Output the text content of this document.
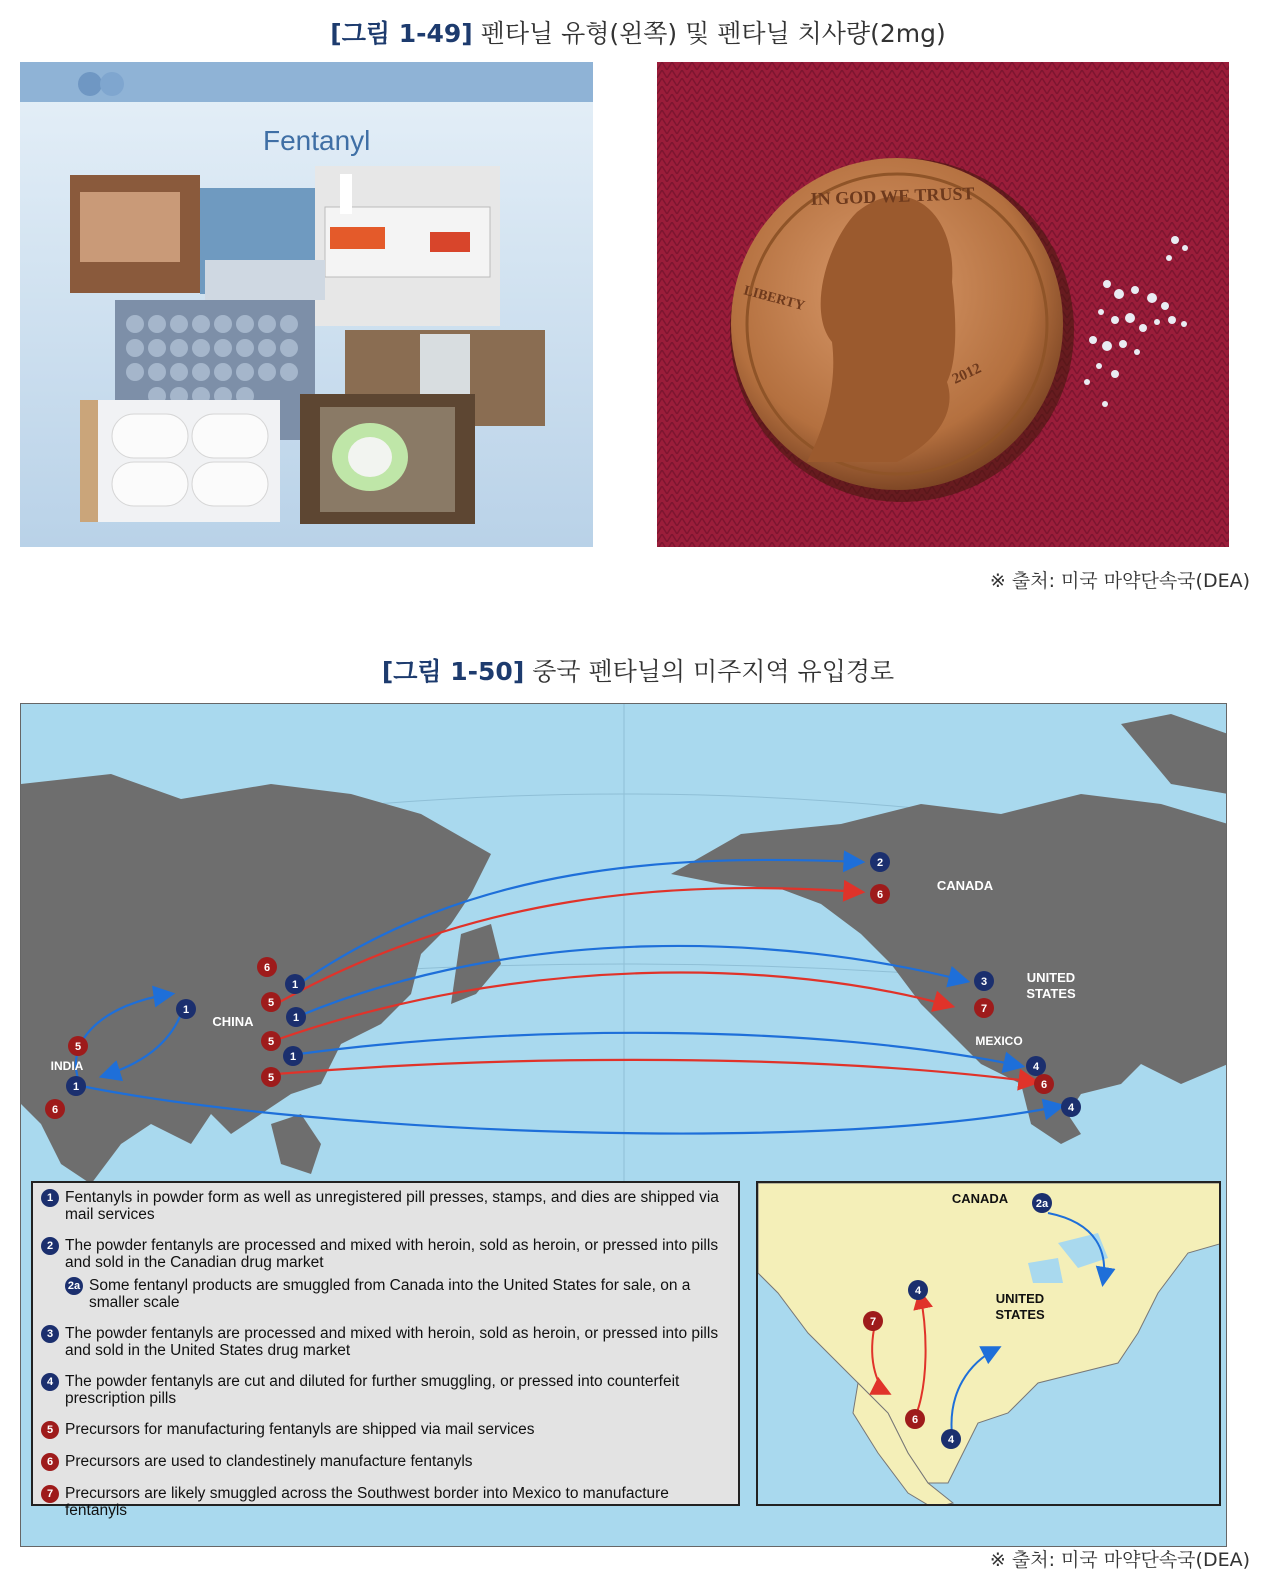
[그림 1-49] 펜타닐 유형(왼쪽) 및 펜타닐 치사량(2mg)
Fentanyl
IN GOD WE TRUST
LIBERTY
2012
※ 출처: 미국 마약단속국(DEA)
[그림 1-50] 중국 펜타닐의 미주지역 유입경로
1
5
1
6
6
1
5
1
5
1
5
2
6
3
7
4
6
4
CANADA
UNITED STATES
MEXICO
CHINA
INDIA
1 Fentanyls in powder form as well as unregistered pill presses, stamps, and dies are shipped via mail services
2 The powder fentanyls are processed and mixed with heroin, sold as heroin, or pressed into pills and sold in the Canadian drug market
2a Some fentanyl products are smuggled from Canada into the United States for sale, on a smaller scale
3 The powder fentanyls are processed and mixed with heroin, sold as heroin, or pressed into pills and sold in the United States drug market
4 The powder fentanyls are cut and diluted for further smuggling, or pressed into counterfeit prescription pills
5 Precursors for manufacturing fentanyls are shipped via mail services
6 Precursors are used to clandestinely manufacture fentanyls
7 Precursors are likely smuggled across the Southwest border into Mexico to manufacture fentanyls
2a
4
7
6
4
CANADA
UNITED STATES
※ 출처: 미국 마약단속국(DEA)
